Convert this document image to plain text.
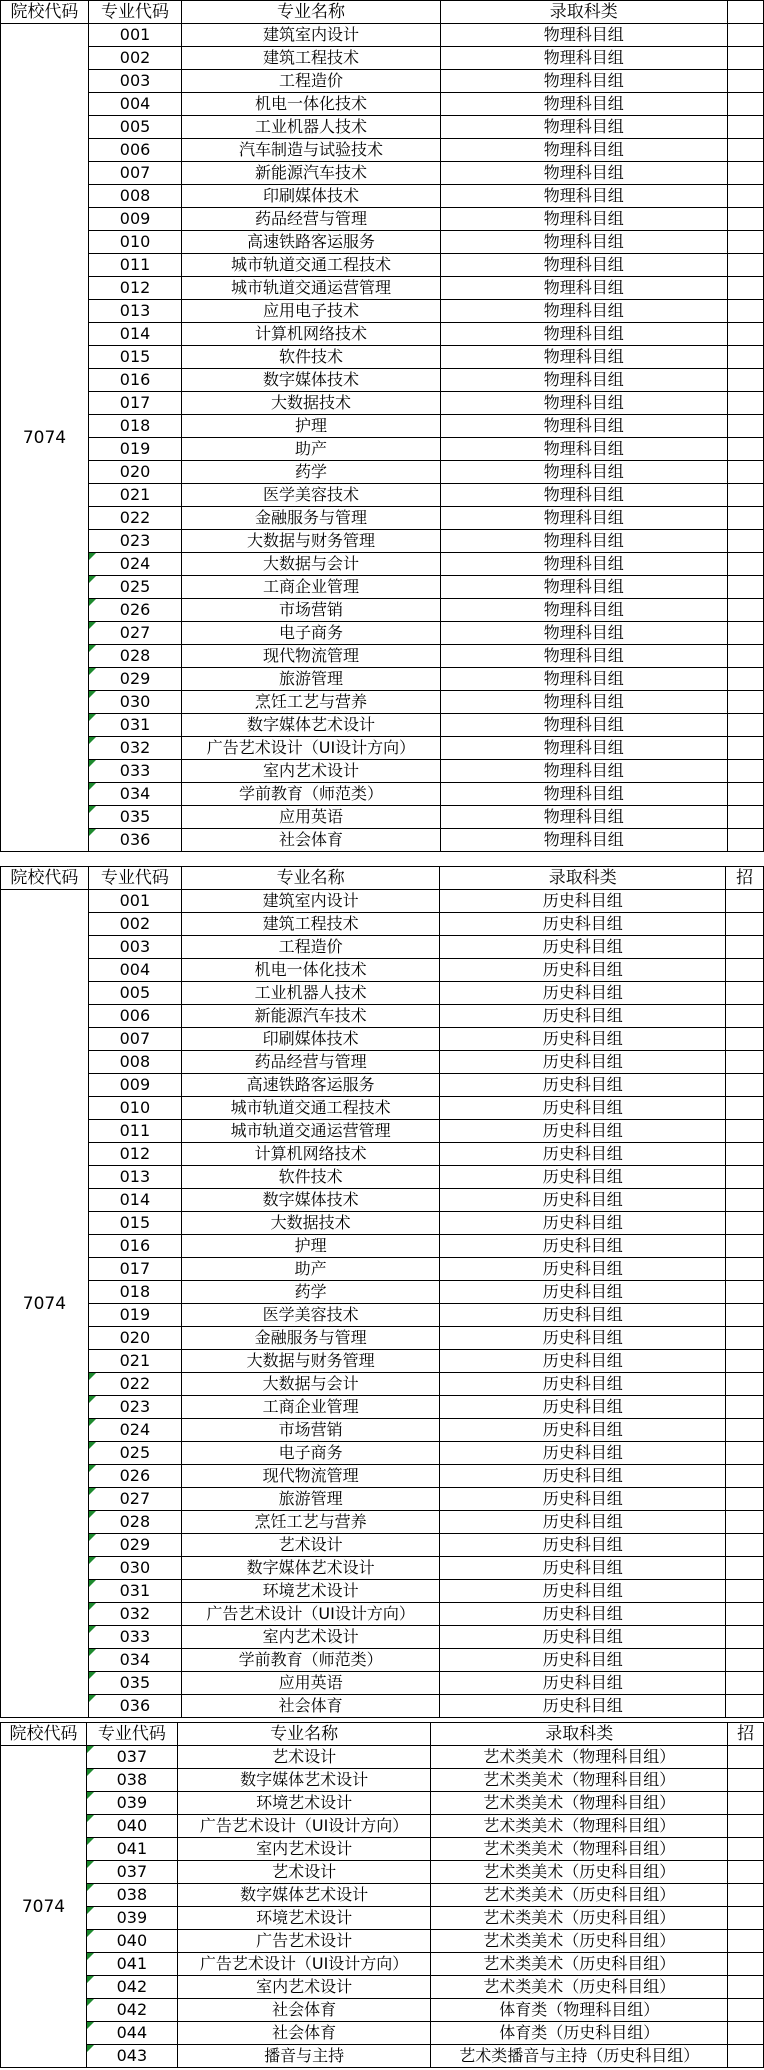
院校代码	专业代码	专业名称	录取科类	
7074	001	建筑室内设计	物理科目组	
	002	建筑工程技术	物理科目组	
	003	工程造价	物理科目组	
	004	机电一体化技术	物理科目组	
	005	工业机器人技术	物理科目组	
	006	汽车制造与试验技术	物理科目组	
	007	新能源汽车技术	物理科目组	
	008	印刷媒体技术	物理科目组	
	009	药品经营与管理	物理科目组	
	010	高速铁路客运服务	物理科目组	
	011	城市轨道交通工程技术	物理科目组	
	012	城市轨道交通运营管理	物理科目组	
	013	应用电子技术	物理科目组	
	014	计算机网络技术	物理科目组	
	015	软件技术	物理科目组	
	016	数字媒体技术	物理科目组	
	017	大数据技术	物理科目组	
	018	护理	物理科目组	
	019	助产	物理科目组	
	020	药学	物理科目组	
	021	医学美容技术	物理科目组	
	022	金融服务与管理	物理科目组	
	023	大数据与财务管理	物理科目组	
	024	大数据与会计	物理科目组	
	025	工商企业管理	物理科目组	
	026	市场营销	物理科目组	
	027	电子商务	物理科目组	
	028	现代物流管理	物理科目组	
	029	旅游管理	物理科目组	
	030	烹饪工艺与营养	物理科目组	
	031	数字媒体艺术设计	物理科目组	
	032	广告艺术设计（UI设计方向）	物理科目组	
	033	室内艺术设计	物理科目组	
	034	学前教育（师范类）	物理科目组	
	035	应用英语	物理科目组	
	036	社会体育	物理科目组	
院校代码	专业代码	专业名称	录取科类	招
7074	001	建筑室内设计	历史科目组	
	002	建筑工程技术	历史科目组	
	003	工程造价	历史科目组	
	004	机电一体化技术	历史科目组	
	005	工业机器人技术	历史科目组	
	006	新能源汽车技术	历史科目组	
	007	印刷媒体技术	历史科目组	
	008	药品经营与管理	历史科目组	
	009	高速铁路客运服务	历史科目组	
	010	城市轨道交通工程技术	历史科目组	
	011	城市轨道交通运营管理	历史科目组	
	012	计算机网络技术	历史科目组	
	013	软件技术	历史科目组	
	014	数字媒体技术	历史科目组	
	015	大数据技术	历史科目组	
	016	护理	历史科目组	
	017	助产	历史科目组	
	018	药学	历史科目组	
	019	医学美容技术	历史科目组	
	020	金融服务与管理	历史科目组	
	021	大数据与财务管理	历史科目组	
	022	大数据与会计	历史科目组	
	023	工商企业管理	历史科目组	
	024	市场营销	历史科目组	
	025	电子商务	历史科目组	
	026	现代物流管理	历史科目组	
	027	旅游管理	历史科目组	
	028	烹饪工艺与营养	历史科目组	
	029	艺术设计	历史科目组	
	030	数字媒体艺术设计	历史科目组	
	031	环境艺术设计	历史科目组	
	032	广告艺术设计（UI设计方向）	历史科目组	
	033	室内艺术设计	历史科目组	
	034	学前教育（师范类）	历史科目组	
	035	应用英语	历史科目组	
	036	社会体育	历史科目组	
院校代码	专业代码	专业名称	录取科类	招
7074	037	艺术设计	艺术类美术（物理科目组）	
	038	数字媒体艺术设计	艺术类美术（物理科目组）	
	039	环境艺术设计	艺术类美术（物理科目组）	
	040	广告艺术设计（UI设计方向）	艺术类美术（物理科目组）	
	041	室内艺术设计	艺术类美术（物理科目组）	
	037	艺术设计	艺术类美术（历史科目组）	
	038	数字媒体艺术设计	艺术类美术（历史科目组）	
	039	环境艺术设计	艺术类美术（历史科目组）	
	040	广告艺术设计	艺术类美术（历史科目组）	
	041	广告艺术设计（UI设计方向）	艺术类美术（历史科目组）	
	042	室内艺术设计	艺术类美术（历史科目组）	
	042	社会体育	体育类（物理科目组）	
	044	社会体育	体育类（历史科目组）	
	043	播音与主持	艺术类播音与主持（历史科目组）	
